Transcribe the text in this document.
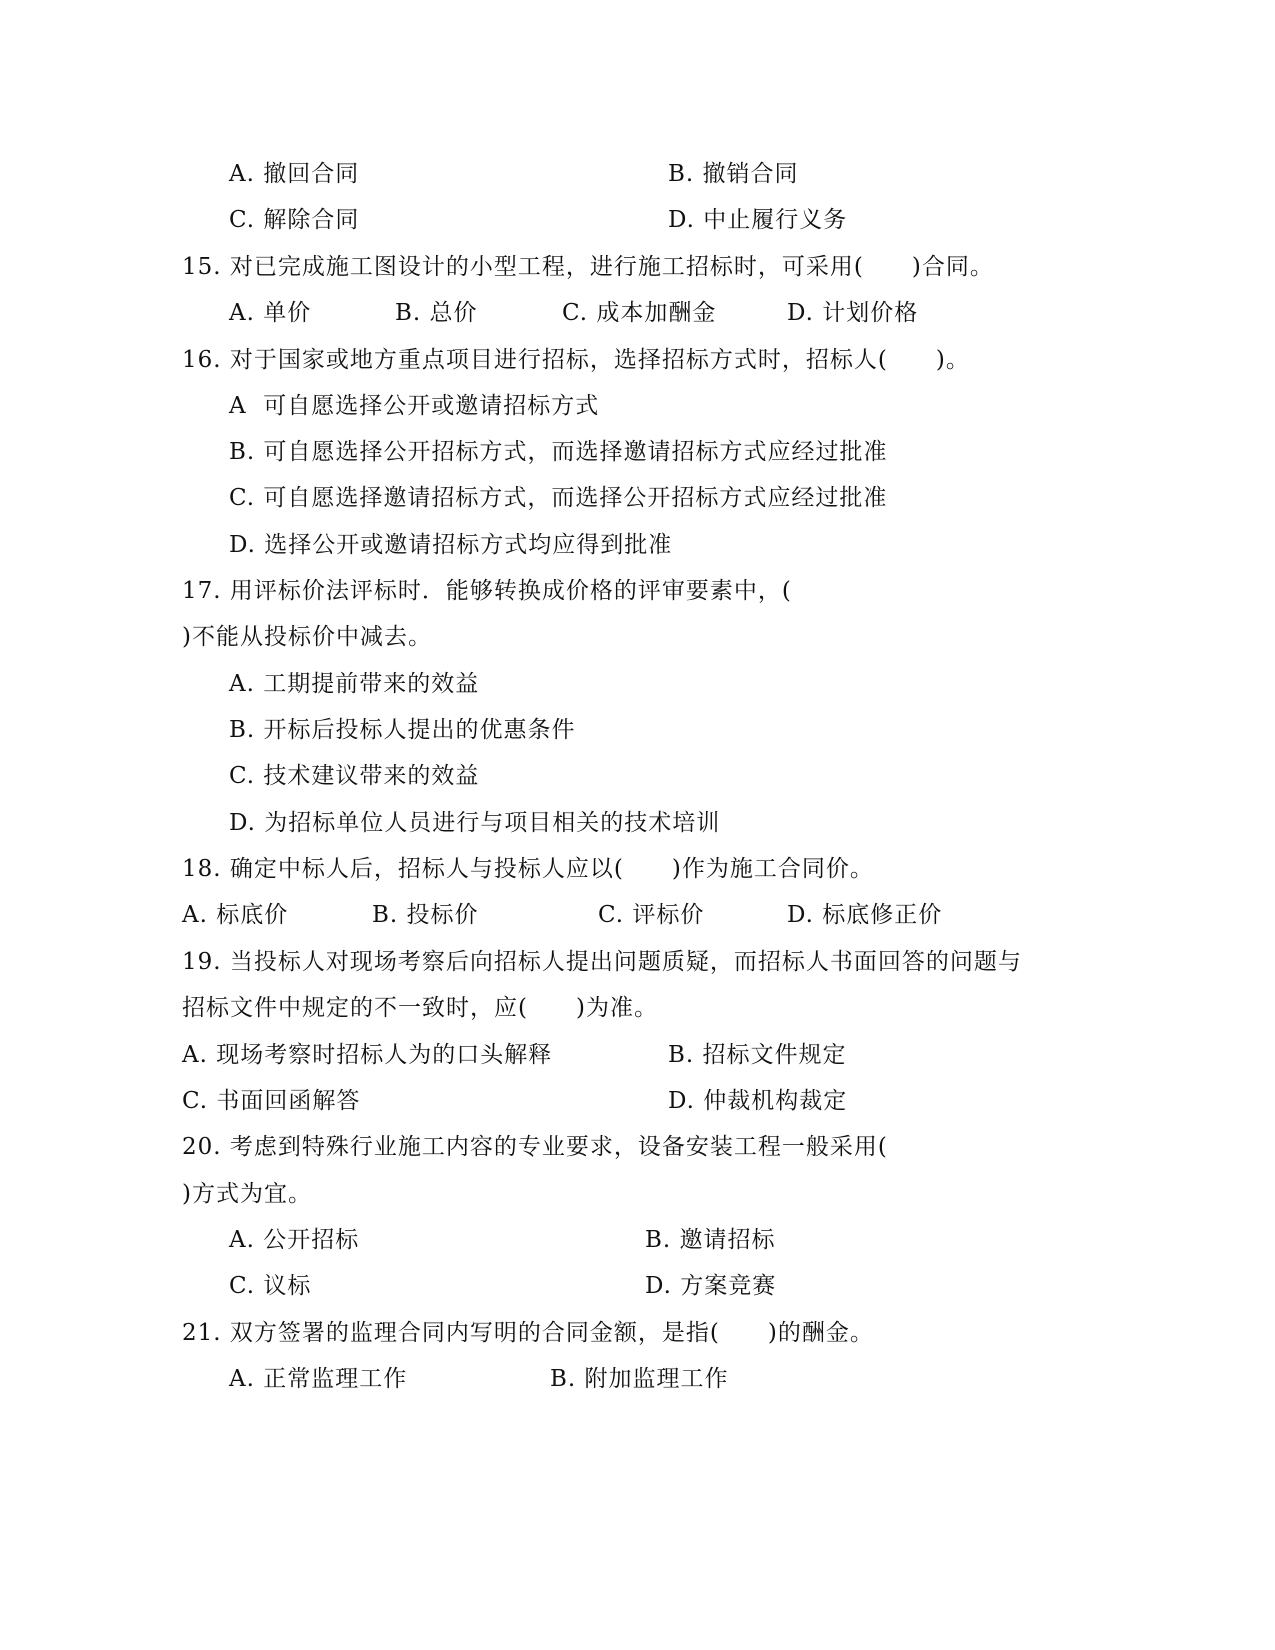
A. 撤回合同	B. 撤销合同
C. 解除合同	D. 中止履行义务
15. 对已完成施工图设计的小型工程，进行施工招标时，可采用(　　)合同。
A. 单价	B. 总价	C. 成本加酬金	D. 计划价格
16. 对于国家或地方重点项目进行招标，选择招标方式时，招标人(　　)。
A  可自愿选择公开或邀请招标方式
B. 可自愿选择公开招标方式，而选择邀请招标方式应经过批准
C. 可自愿选择邀请招标方式，而选择公开招标方式应经过批准
D. 选择公开或邀请招标方式均应得到批准
17. 用评标价法评标时．能够转换成价格的评审要素中，(
)不能从投标价中减去。
A. 工期提前带来的效益
B. 开标后投标人提出的优惠条件
C. 技术建议带来的效益
D. 为招标单位人员进行与项目相关的技术培训
18. 确定中标人后，招标人与投标人应以(　　)作为施工合同价。
A. 标底价	B. 投标价	C. 评标价	D. 标底修正价
19. 当投标人对现场考察后向招标人提出问题质疑，而招标人书面回答的问题与
招标文件中规定的不一致时，应(　　)为准。
A. 现场考察时招标人为的口头解释	B. 招标文件规定
C. 书面回函解答	D. 仲裁机构裁定
20. 考虑到特殊行业施工内容的专业要求，设备安装工程一般采用(
)方式为宜。
A. 公开招标	B. 邀请招标
C. 议标	D. 方案竞赛
21. 双方签署的监理合同内写明的合同金额，是指(　　)的酬金。
A. 正常监理工作	B. 附加监理工作
